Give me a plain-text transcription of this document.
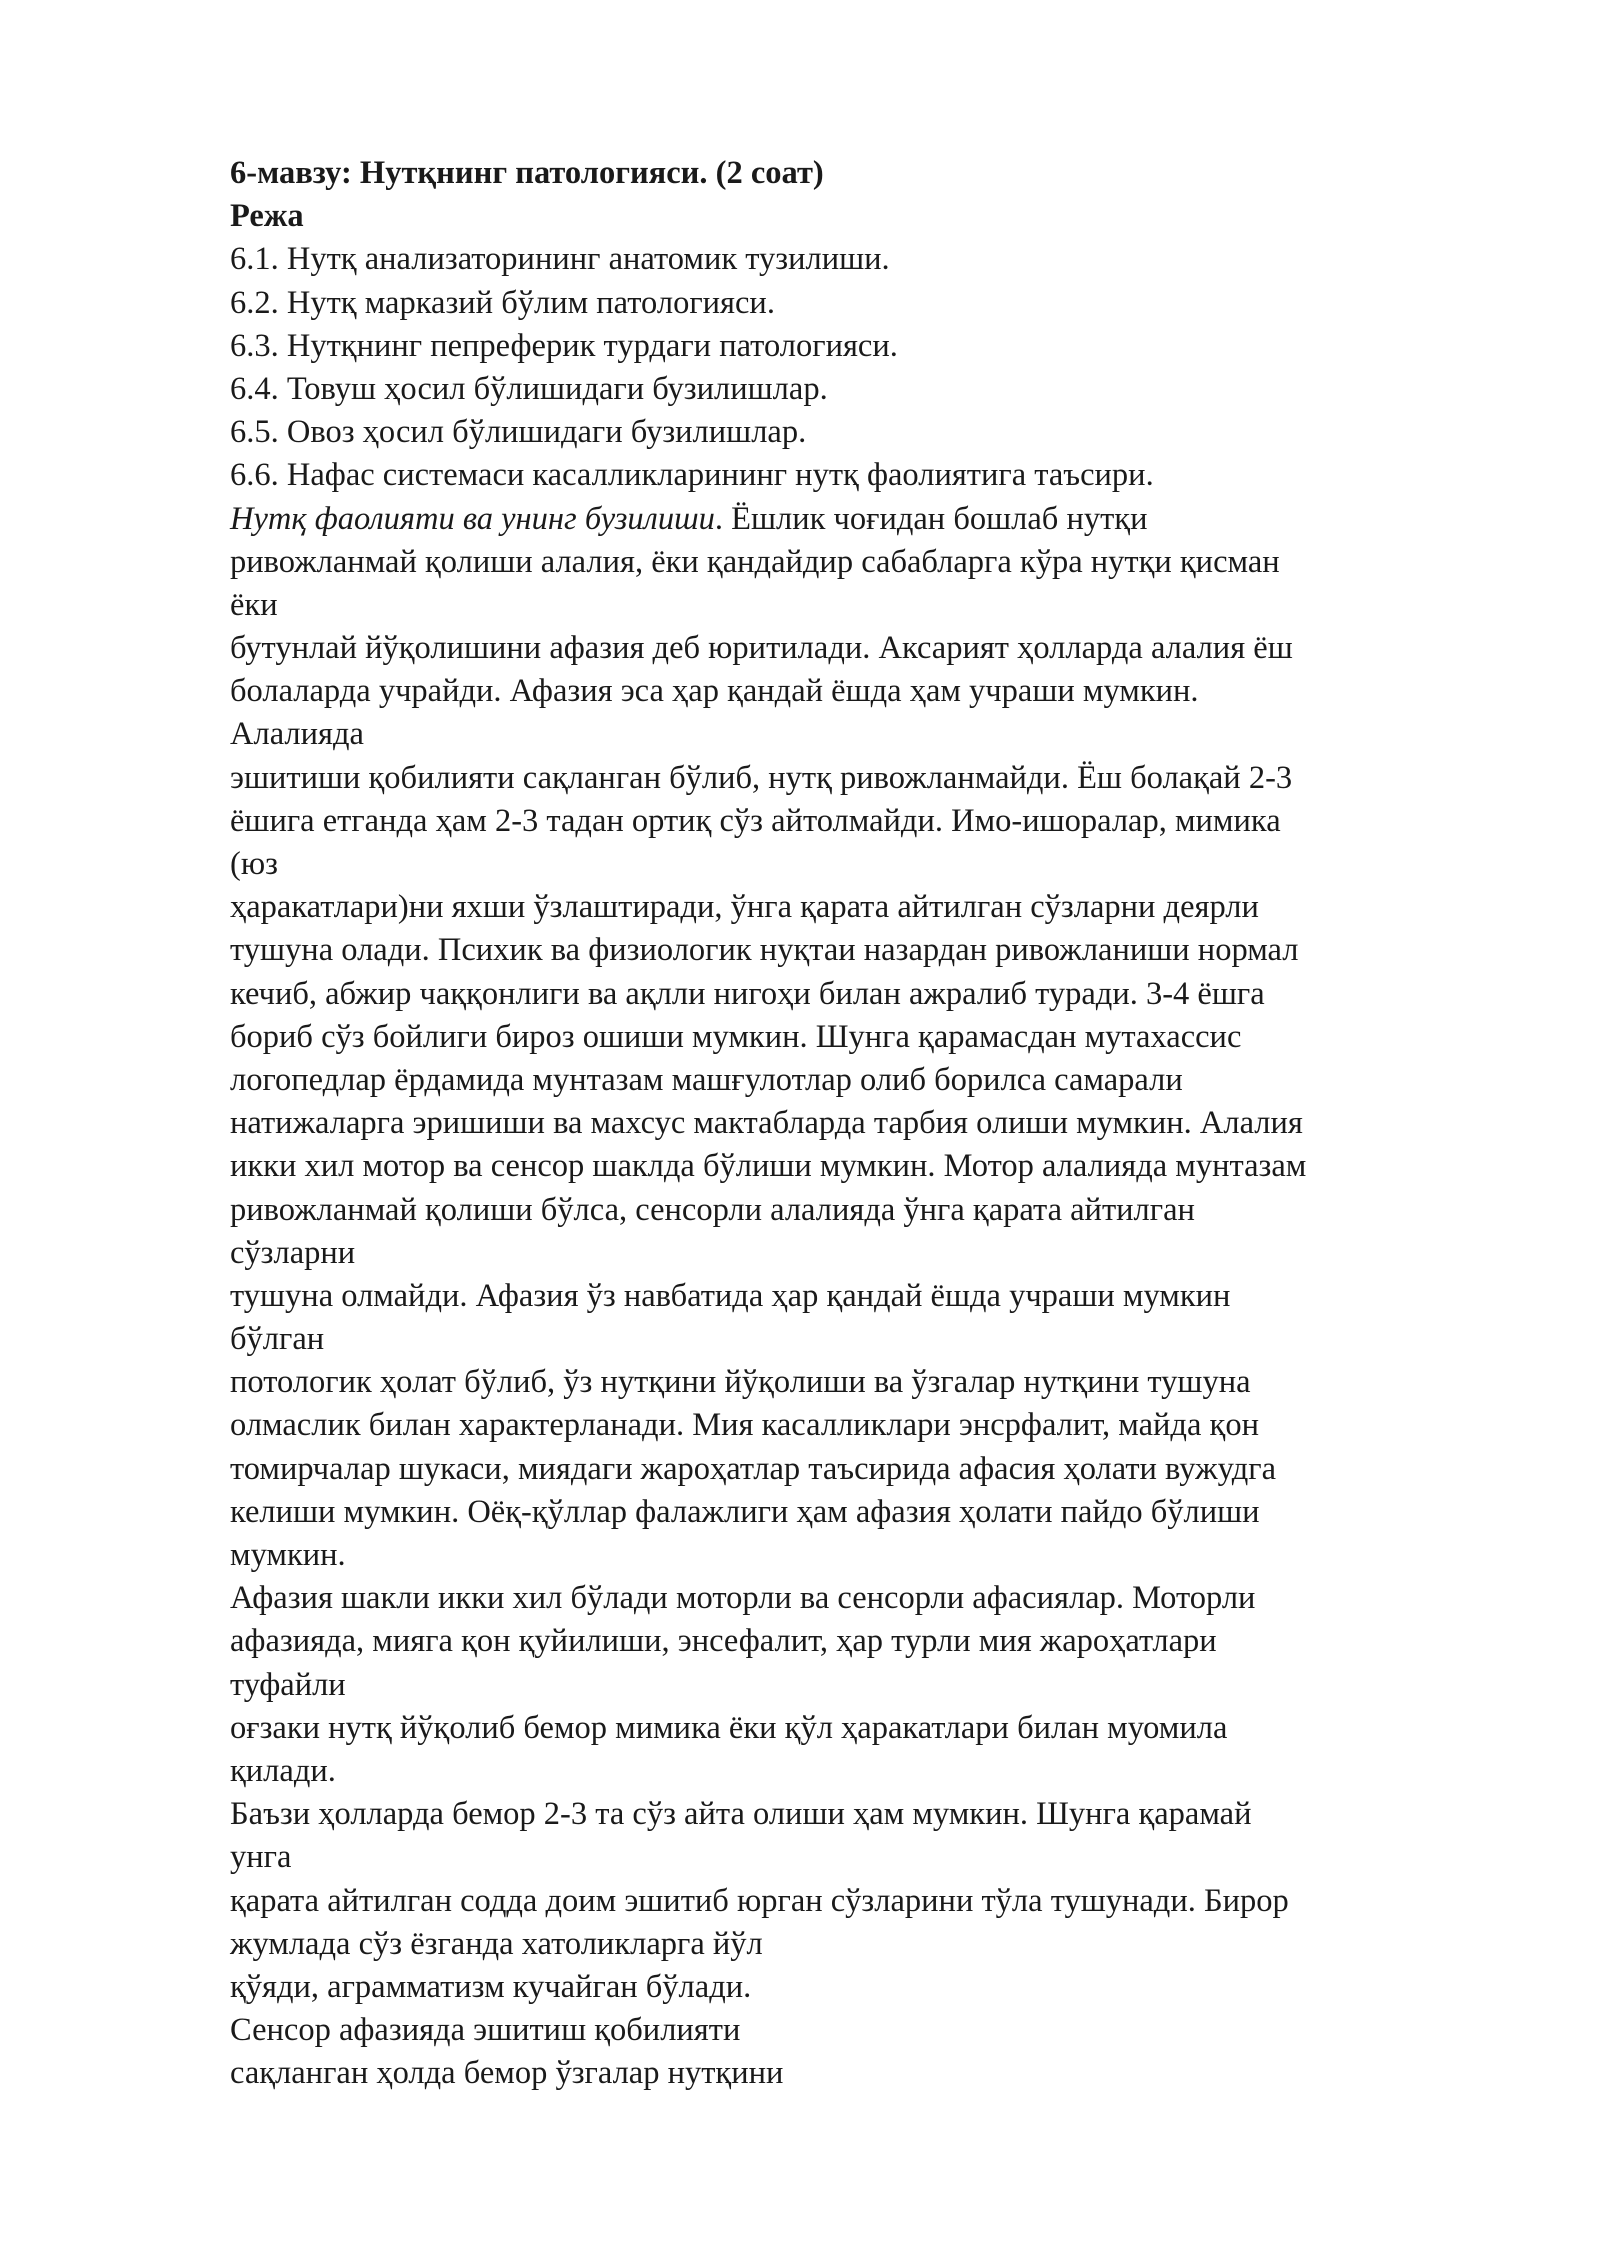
6-мавзу: Нутқнинг патологияси. (2 соат)
Режа
6.1. Нутқ анализаторининг анатомик тузилиши.
6.2. Нутқ марказий бўлим патологияси.
6.3. Нутқнинг пепреферик турдаги патологияси.
6.4. Товуш ҳосил бўлишидаги бузилишлар.
6.5. Овоз ҳосил бўлишидаги бузилишлар.
6.6. Нафас системаси касалликларининг нутқ фаолиятига таъсири.
Нутқ фаолияти ва унинг бузилиши. Ёшлик чоғидан бошлаб нутқи
ривожланмай қолиши алалия, ёки қандайдир сабабларга кўра нутқи қисман
ёки
бутунлай йўқолишини афазия деб юритилади. Аксарият ҳолларда алалия ёш
болаларда учрайди. Афазия эса ҳар қандай ёшда ҳам учраши мумкин.
Алалияда
эшитиши қобилияти сақланган бўлиб, нутқ ривожланмайди. Ёш болақай 2-3
ёшига етганда ҳам 2-3 тадан ортиқ сўз айтолмайди. Имо-ишоралар, мимика
(юз
ҳаракатлари)ни яхши ўзлаштиради, ўнга қарата айтилган сўзларни деярли
тушуна олади. Психик ва физиологик нуқтаи назардан ривожланиши нормал
кечиб, абжир чаққонлиги ва ақлли нигоҳи билан ажралиб туради. 3-4 ёшга
бориб сўз бойлиги бироз ошиши мумкин. Шунга қарамасдан мутахассис
логопедлар ёрдамида мунтазам машғулотлар олиб борилса самарали
натижаларга эришиши ва махсус мактабларда тарбия олиши мумкин. Алалия
икки хил мотор ва сенсор шаклда бўлиши мумкин. Мотор алалияда мунтазам
ривожланмай қолиши бўлса, сенсорли алалияда ўнга қарата айтилган
сўзларни
тушуна олмайди. Афазия ўз навбатида ҳар қандай ёшда учраши мумкин
бўлган
потологик ҳолат бўлиб, ўз нутқини йўқолиши ва ўзгалар нутқини тушуна
олмаслик билан характерланади. Мия касалликлари энсрфалит, майда қон
томирчалар шукаси, миядаги жароҳатлар таъсирида афасия ҳолати вужудга
келиши мумкин. Оёқ-қўллар фалажлиги ҳам афазия ҳолати пайдо бўлиши
мумкин.
Афазия шакли икки хил бўлади моторли ва сенсорли афасиялар. Моторли
афазияда, мияга қон қуйилиши, энсефалит, ҳар турли мия жароҳатлари
туфайли
оғзаки нутқ йўқолиб бемор мимика ёки қўл ҳаракатлари билан муомила
қилади.
Баъзи ҳолларда бемор 2-3 та сўз айта олиши ҳам мумкин. Шунга қарамай
унга
қарата айтилган содда доим эшитиб юрган сўзларини тўла тушунади. Бирор
жумлада сўз ёзганда хатоликларга йўл
қўяди, аграмматизм кучайган бўлади.
Сенсор афазияда эшитиш қобилияти
сақланган ҳолда бемор ўзгалар нутқини
